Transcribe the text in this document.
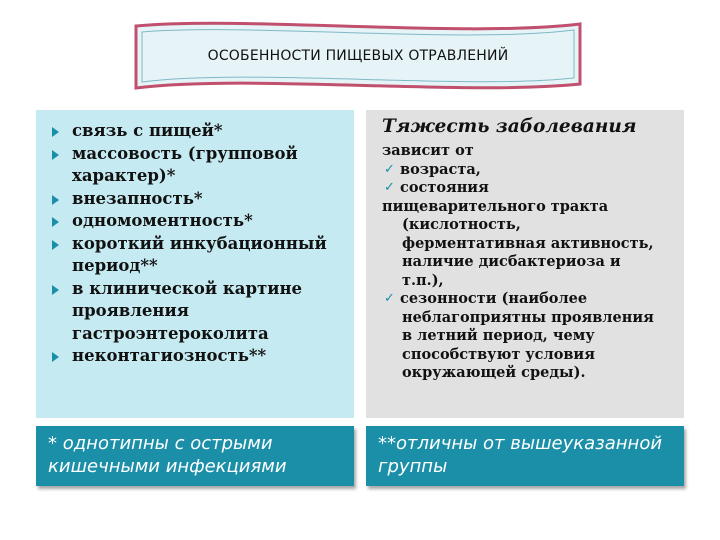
ОСОБЕННОСТИ ПИЩЕВЫХ ОТРАВЛЕНИЙ
связь с пищей*
массовость (групповой характер)*
внезапность*
одномоментность*
короткий инкубационный период**
в клинической картине проявления гастроэнтероколита
неконтагиозность**
Тяжесть заболевания
зависит от
✓ возраста,
✓ состояния
пищеварительного тракта
(кислотность,
ферментативная активность,
наличие дисбактериоза и
т.п.),
✓ сезонности (наиболее
неблагоприятны проявления
в летний период, чему
способствуют условия
окружающей среды).
* однотипны с острыми кишечными инфекциями
**отличны от вышеуказанной группы
